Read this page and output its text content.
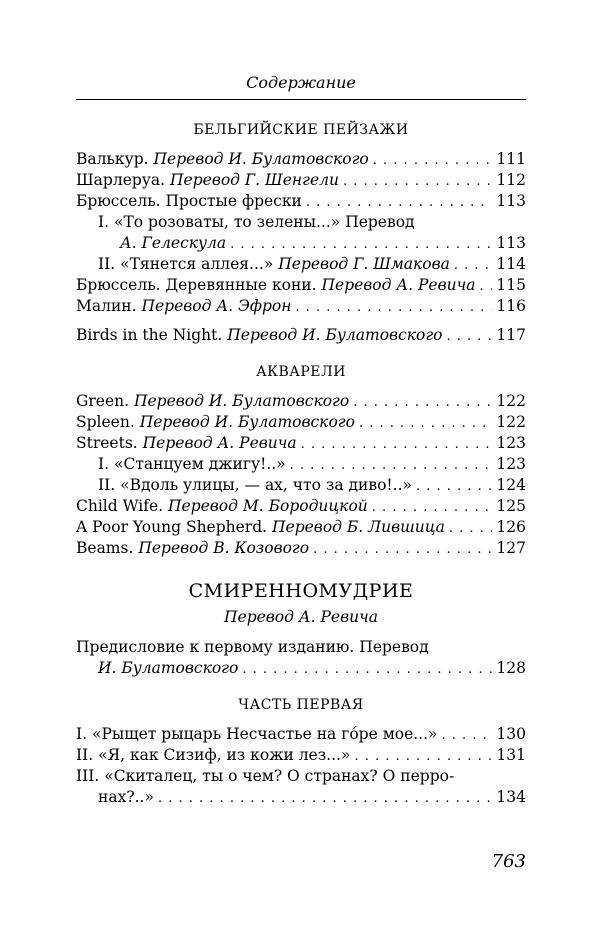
Содержание
БЕЛЬГИЙСКИЕ ПЕЙЗАЖИ
Валькур. Перевод И. Булатовского . . .	111
Шарлеруа. Перевод Г. Шенгели . . .	112
Брюссель. Простые фрески . . .	113
I. «То розоваты, то зелены...» Перевод
А. Гелескула . . .	113
II. «Тянется аллея...» Перевод Г. Шмакова . . .	114
Брюссель. Деревянные кони. Перевод А. Ревича . . . 115
Малин. Перевод А. Эфрон . . .	116
Birds in the Night. Перевод И. Булатовского . . .	117
АКВАРЕЛИ
Green. Перевод И. Булатовского . . .	122
Spleen. Перевод И. Булатовского . . .	122
Streets. Перевод А. Ревича . . .	123
I. «Станцуем джигу!..» . . .	123
II. «Вдоль улицы, — ах, что за диво!..» . . .	124
Child Wife. Перевод М. Бородицкой . . .	125
A Poor Young Shepherd. Перевод Б. Лившица . . .	126
Beams. Перевод В. Козового . . .	127
СМИРЕННОМУДРИЕ
Перевод А. Ревича
Предисловие к первому изданию. Перевод
И. Булатовского . . .	128
ЧАСТЬ ПЕРВАЯ
I. «Рыщет рыцарь Несчастье на гóре мое...» . . .	130
II. «Я, как Сизиф, из кожи лез...» . . .	131
III. «Скиталец, ты о чем? О странах? О перро-
нах?..» . . .	134
763
